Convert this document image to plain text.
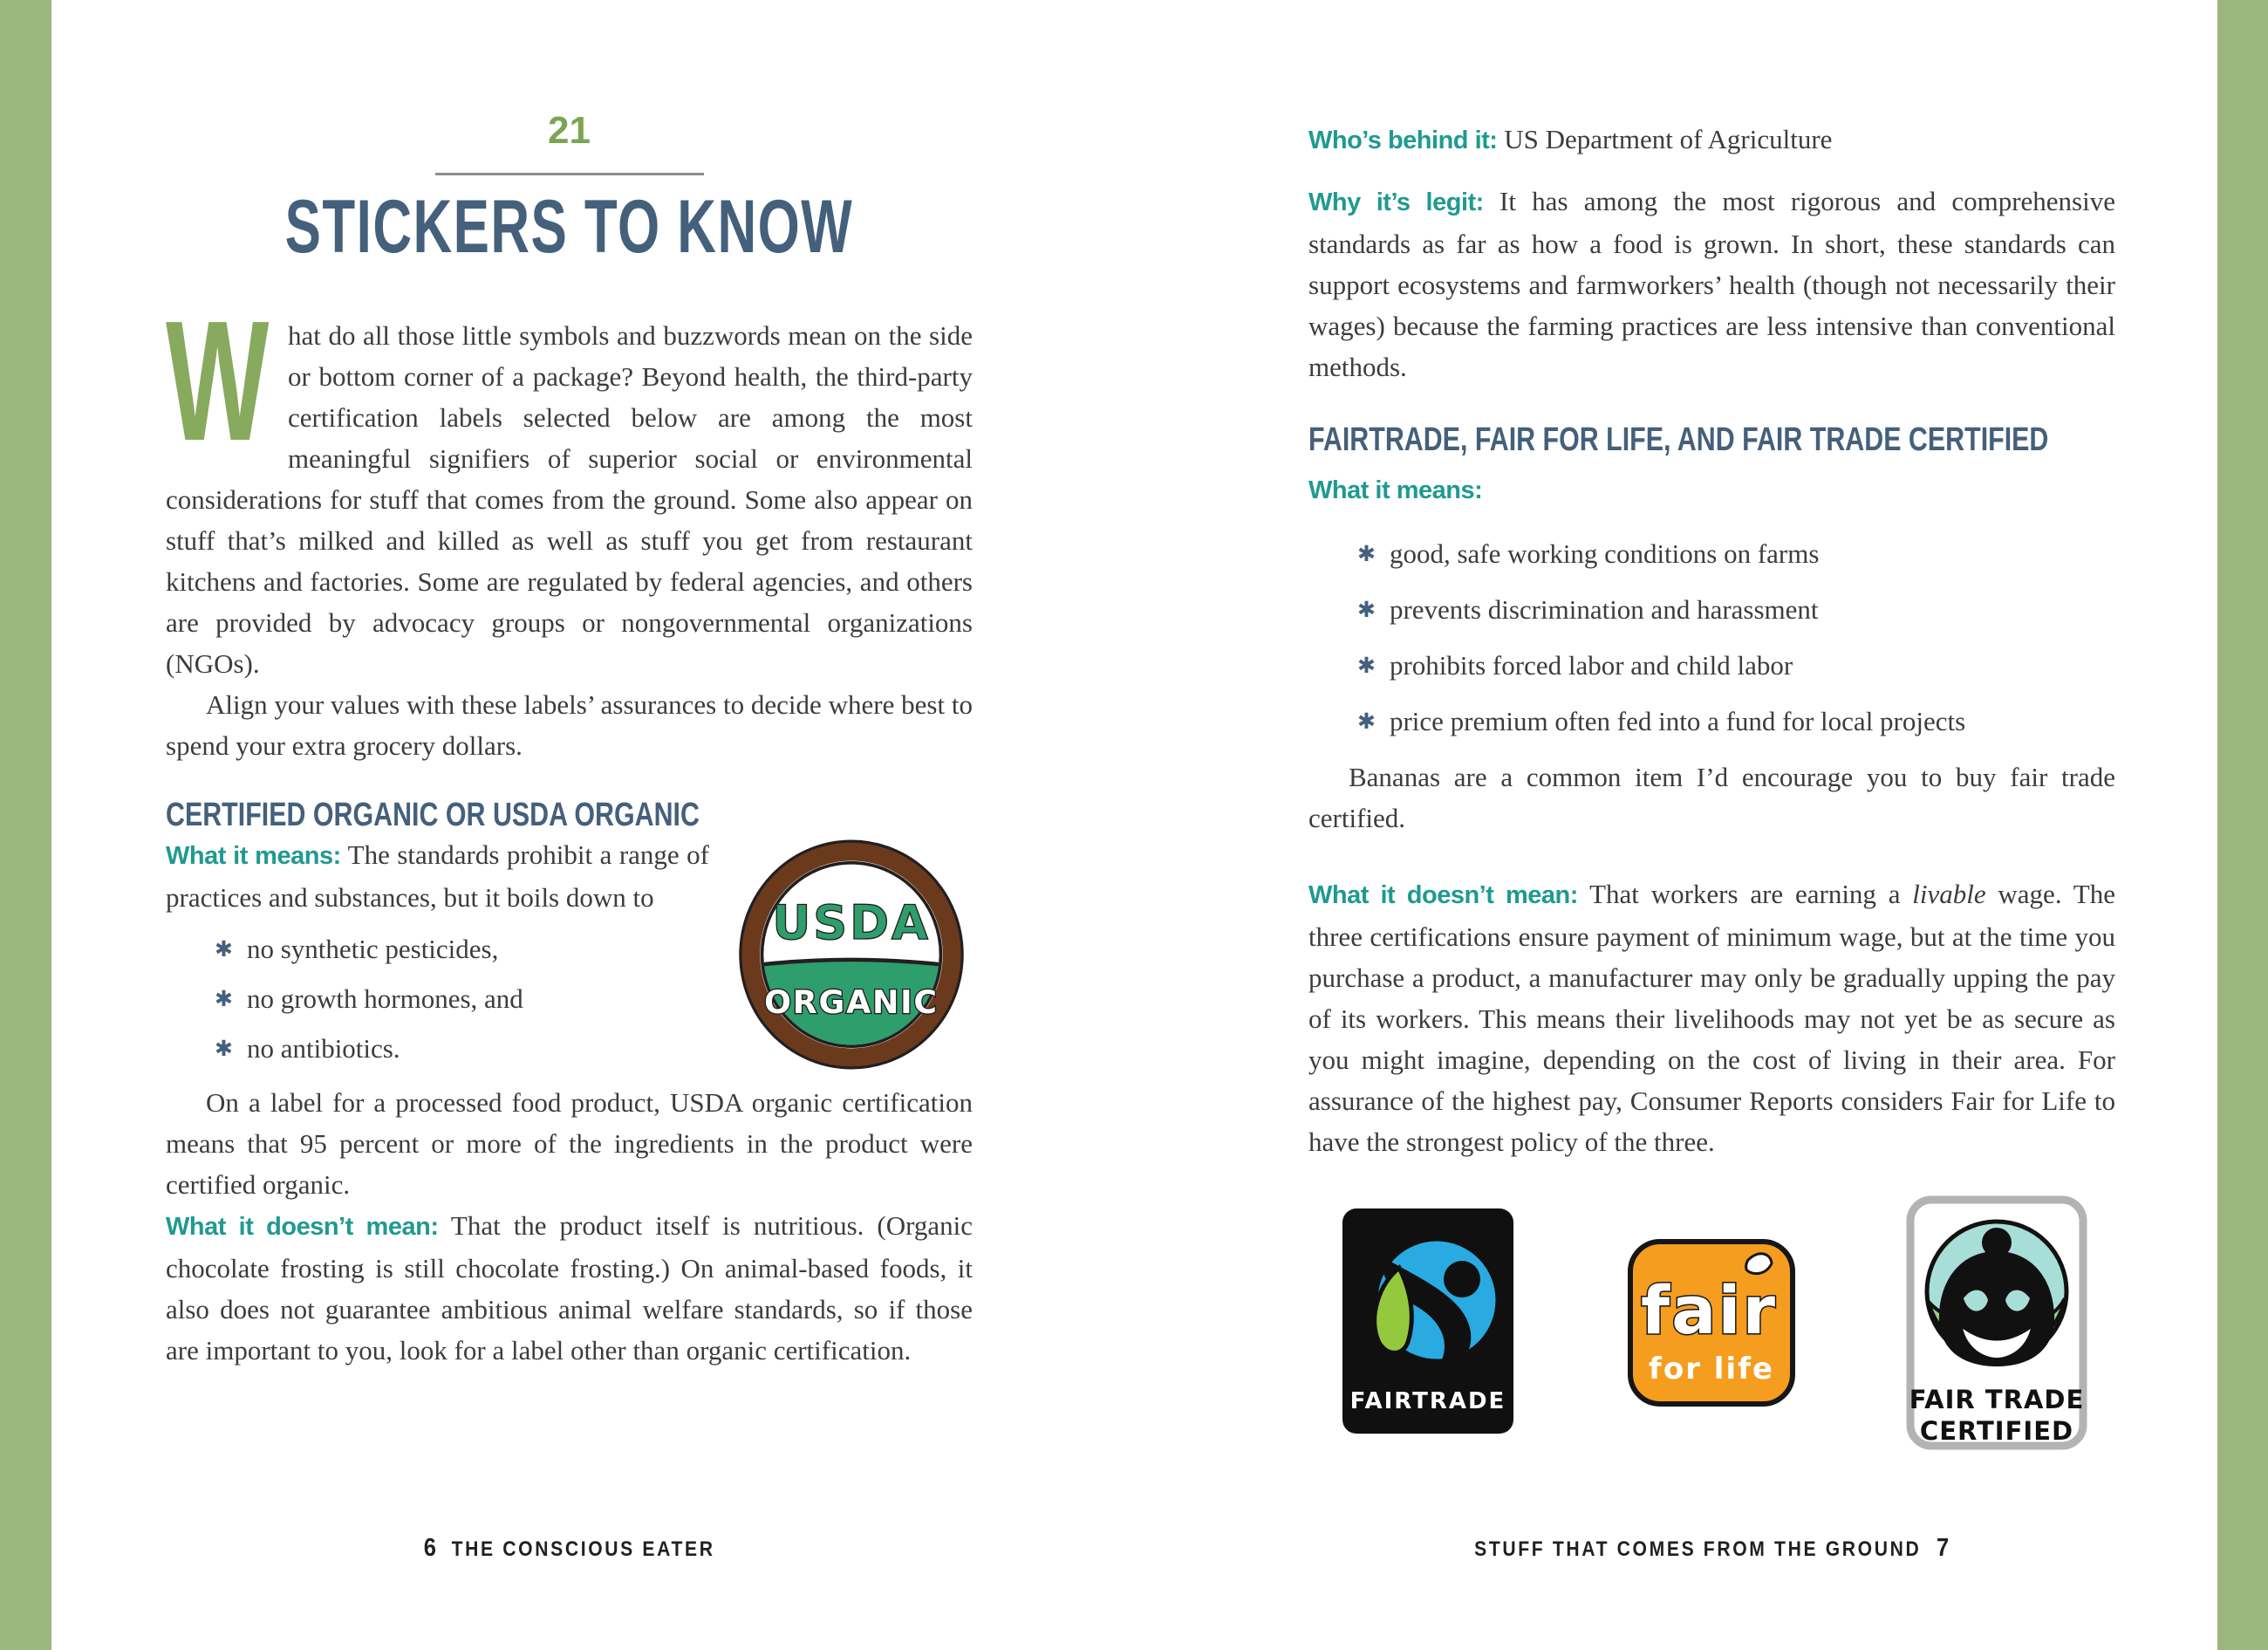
21
STICKERS TO KNOW

What do all those little symbols and buzzwords mean on the side or bottom corner of a package? Beyond health, the third-party certification labels selected below are among the most meaningful signifiers of superior social or environmental considerations for stuff that comes from the ground. Some also appear on stuff that’s milked and killed as well as stuff you get from restaurant kitchens and factories. Some are regulated by federal agencies, and others are provided by advocacy groups or nongovernmental organizations (NGOs).

Align your values with these labels’ assurances to decide where best to spend your extra grocery dollars.

CERTIFIED ORGANIC OR USDA ORGANIC
USDA
ORGANIC

What it means: The standards prohibit a range of practices and substances, but it boils down to

✱ no synthetic pesticides,
✱ no growth hormones, and
✱ no antibiotics.

On a label for a processed food product, USDA organic certification means that 95 percent or more of the ingredients in the product were certified organic.

What it doesn’t mean: That the product itself is nutritious. (Organic chocolate frosting is still chocolate frosting.) On animal-based foods, it also does not guarantee ambitious animal welfare standards, so if those are important to you, look for a label other than organic certification.

6 THE CONSCIOUS EATER

Who’s behind it: US Department of Agriculture

Why it’s legit: It has among the most rigorous and comprehensive standards as far as how a food is grown. In short, these standards can support ecosystems and farmworkers’ health (though not necessarily their wages) because the farming practices are less intensive than conventional methods.

FAIRTRADE, FAIR FOR LIFE, AND FAIR TRADE CERTIFIED

What it means:

✱ good, safe working conditions on farms
✱ prevents discrimination and harassment
✱ prohibits forced labor and child labor
✱ price premium often fed into a fund for local projects

Bananas are a common item I’d encourage you to buy fair trade certified.

What it doesn’t mean: That workers are earning a livable wage. The three certifications ensure payment of minimum wage, but at the time you purchase a product, a manufacturer may only be gradually upping the pay of its workers. This means their livelihoods may not yet be as secure as you might imagine, depending on the cost of living in their area. For assurance of the highest pay, Consumer Reports considers Fair for Life to have the strongest policy of the three.

FAIRTRADE
fair
for life
FAIR TRADE
CERTIFIED
STUFF THAT COMES FROM THE GROUND 7
